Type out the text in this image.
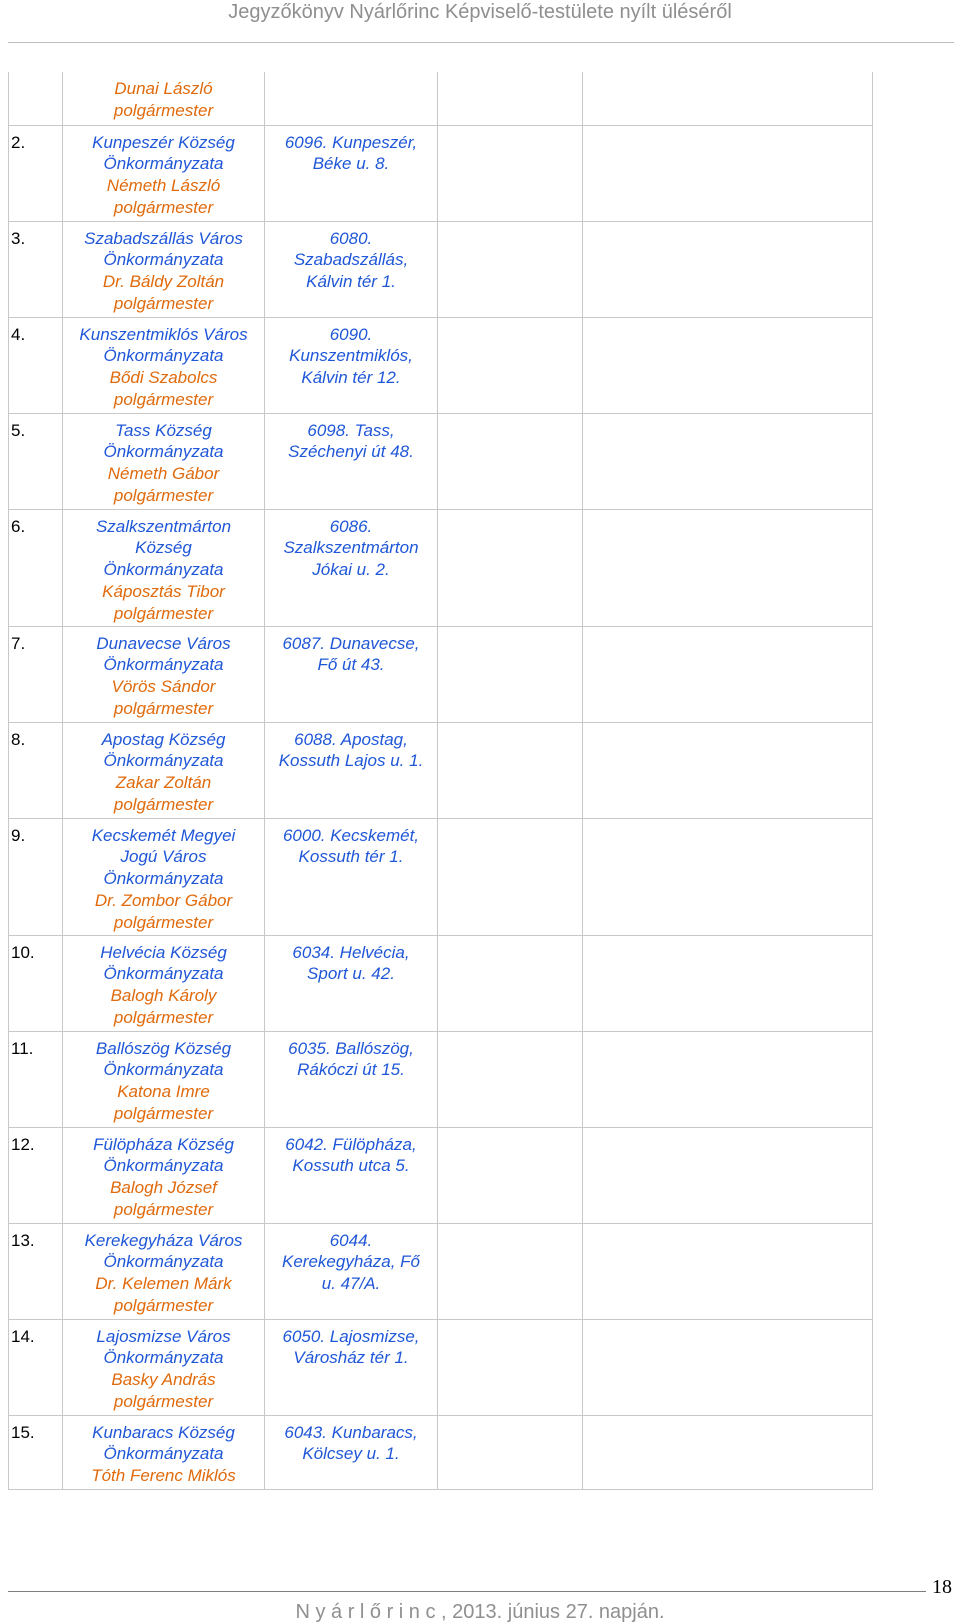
Jegyzőkönyv Nyárlőrinc Képviselő-testülete nyílt üléséről

	Dunai László
polgármester			

2.	Kunpeszér Község
Önkormányzata
Németh László
polgármester	6096. Kunpeszér,
Béke u. 8.		

3.	Szabadszállás Város
Önkormányzata
Dr. Báldy Zoltán
polgármester	6080.
Szabadszállás,
Kálvin tér 1.		

4.	Kunszentmiklós Város
Önkormányzata
Bődi Szabolcs
polgármester	6090.
Kunszentmiklós,
Kálvin tér 12.		

5.	Tass Község
Önkormányzata
Németh Gábor
polgármester	6098. Tass,
Széchenyi út 48.		

6.	Szalkszentmárton
Község
Önkormányzata
Káposztás Tibor
polgármester	6086.
Szalkszentmárton
Jókai u. 2.		

7.	Dunavecse Város
Önkormányzata
Vörös Sándor
polgármester	6087. Dunavecse,
Fő út 43.		

8.	Apostag Község
Önkormányzata
Zakar Zoltán
polgármester	6088. Apostag,
Kossuth Lajos u. 1.		

9.	Kecskemét Megyei
Jogú Város
Önkormányzata
Dr. Zombor Gábor
polgármester	6000. Kecskemét,
Kossuth tér 1.		

10.	Helvécia Község
Önkormányzata
Balogh Károly
polgármester	6034. Helvécia,
Sport u. 42.		

11.	Ballószög Község
Önkormányzata
Katona Imre
polgármester	6035. Ballószög,
Rákóczi út 15.		

12.	Fülöpháza Község
Önkormányzata
Balogh József
polgármester	6042. Fülöpháza,
Kossuth utca 5.		

13.	Kerekegyháza Város
Önkormányzata
Dr. Kelemen Márk
polgármester	6044.
Kerekegyháza, Fő
u. 47/A.		

14.	Lajosmizse Város
Önkormányzata
Basky András
polgármester	6050. Lajosmizse,
Városház tér 1.		

15.	Kunbaracs Község
Önkormányzata
Tóth Ferenc Miklós	6043. Kunbaracs,
Kölcsey u. 1.		

18
N y á r l ő r i n c , 2013. június 27. napján.
